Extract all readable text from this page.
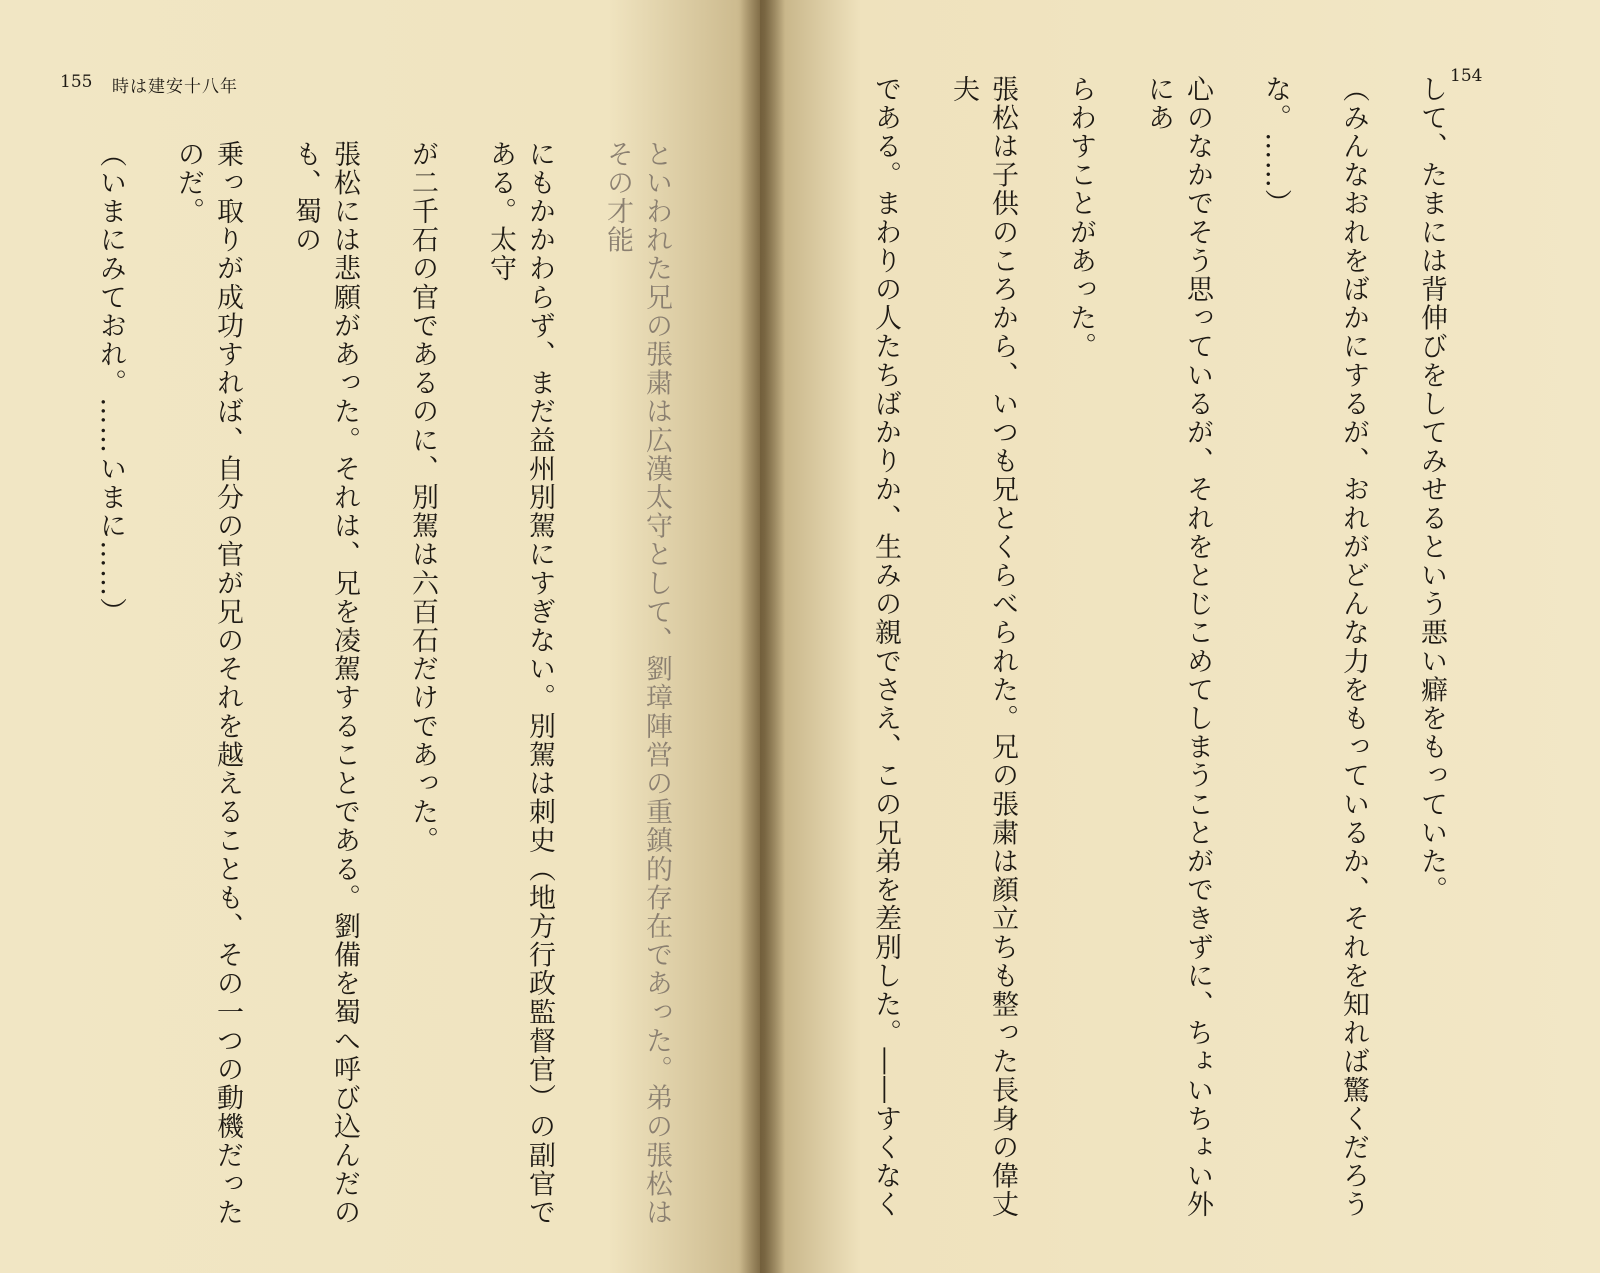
155 時は建安十八年
154

して、たまには背伸びをしてみせるという悪い癖をもっていた。

（みんなおれをばかにするが、おれがどんな力をもっているか、それを知れば驚くだろう

な。……）

心のなかでそう思っているが、それをとじこめてしまうことができずに、ちょいちょい外にあ

らわすことがあった。

張松は子供のころから、いつも兄とくらべられた。兄の張粛は顔立ちも整った長身の偉丈夫

である。まわりの人たちばかりか、生みの親でさえ、この兄弟を差別した。――すくなく

といわれた兄の張粛は広漢太守として、劉璋陣営の重鎮的存在であった。弟の張松はその才能

にもかかわらず、まだ益州別駕にすぎない。別駕は刺史（地方行政監督官）の副官である。太守

が二千石の官であるのに、別駕は六百石だけであった。

張松には悲願があった。それは、兄を凌駕することである。劉備を蜀へ呼び込んだのも、蜀の

乗っ取りが成功すれば、自分の官が兄のそれを越えることも、その一つの動機だったのだ。

（いまにみておれ。……いまに……）
